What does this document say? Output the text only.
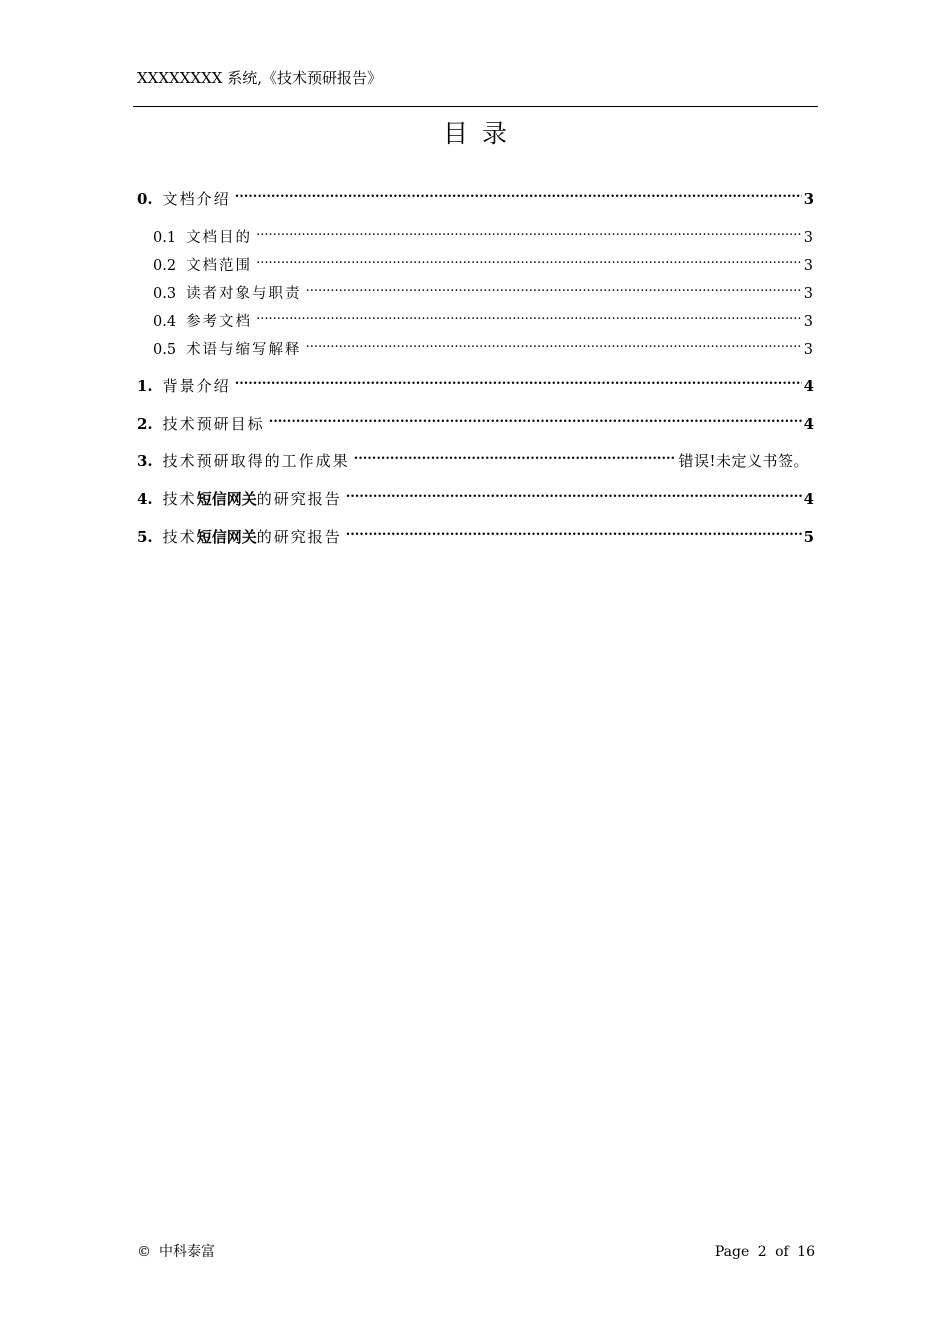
XXXXXXXX 系统,《技术预研报告》
目录
0. 文档介绍 .....	3
0.1 文档目的 .....	3
0.2 文档范围 .....	3
0.3 读者对象与职责 .....	3
0.4 参考文档 .....	3
0.5 术语与缩写解释 .....	3
1. 背景介绍 .....	4
2. 技术预研目标 .....	4
3. 技术预研取得的工作成果 .....	错误!未定义书签。
4. 技术短信网关的研究报告 .....	4
5. 技术短信网关的研究报告 .....	5
© 中科泰富	Page 2 of 16
